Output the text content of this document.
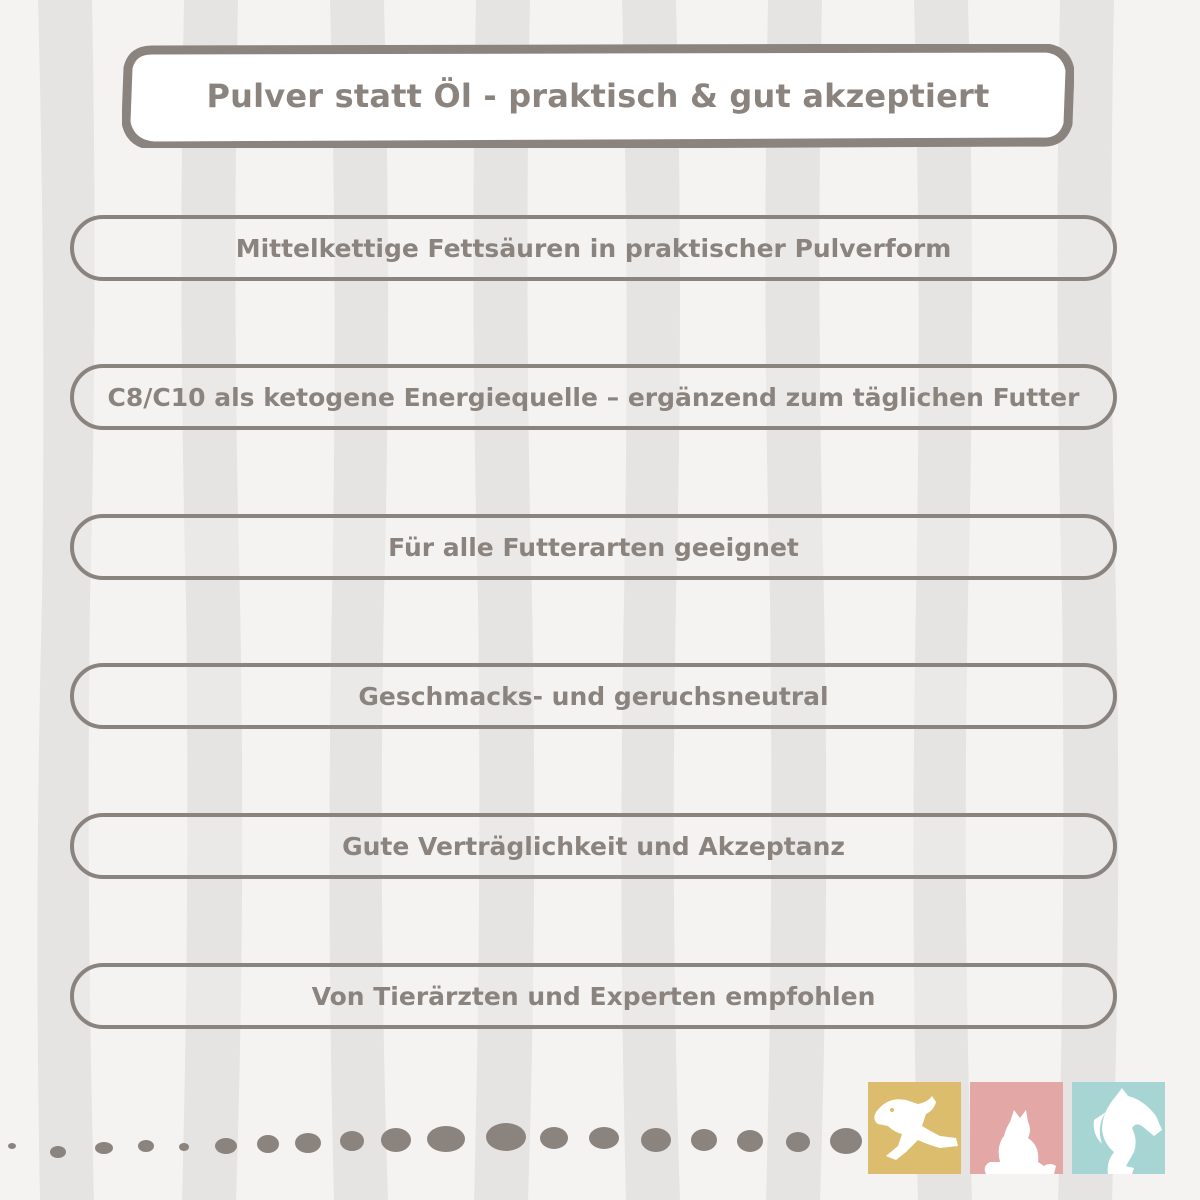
Pulver statt Öl - praktisch & gut akzeptiert
Mittelkettige Fettsäuren in praktischer Pulverform
C8/C10 als ketogene Energiequelle – ergänzend zum täglichen Futter
Für alle Futterarten geeignet
Geschmacks- und geruchsneutral
Gute Verträglichkeit und Akzeptanz
Von Tierärzten und Experten empfohlen
